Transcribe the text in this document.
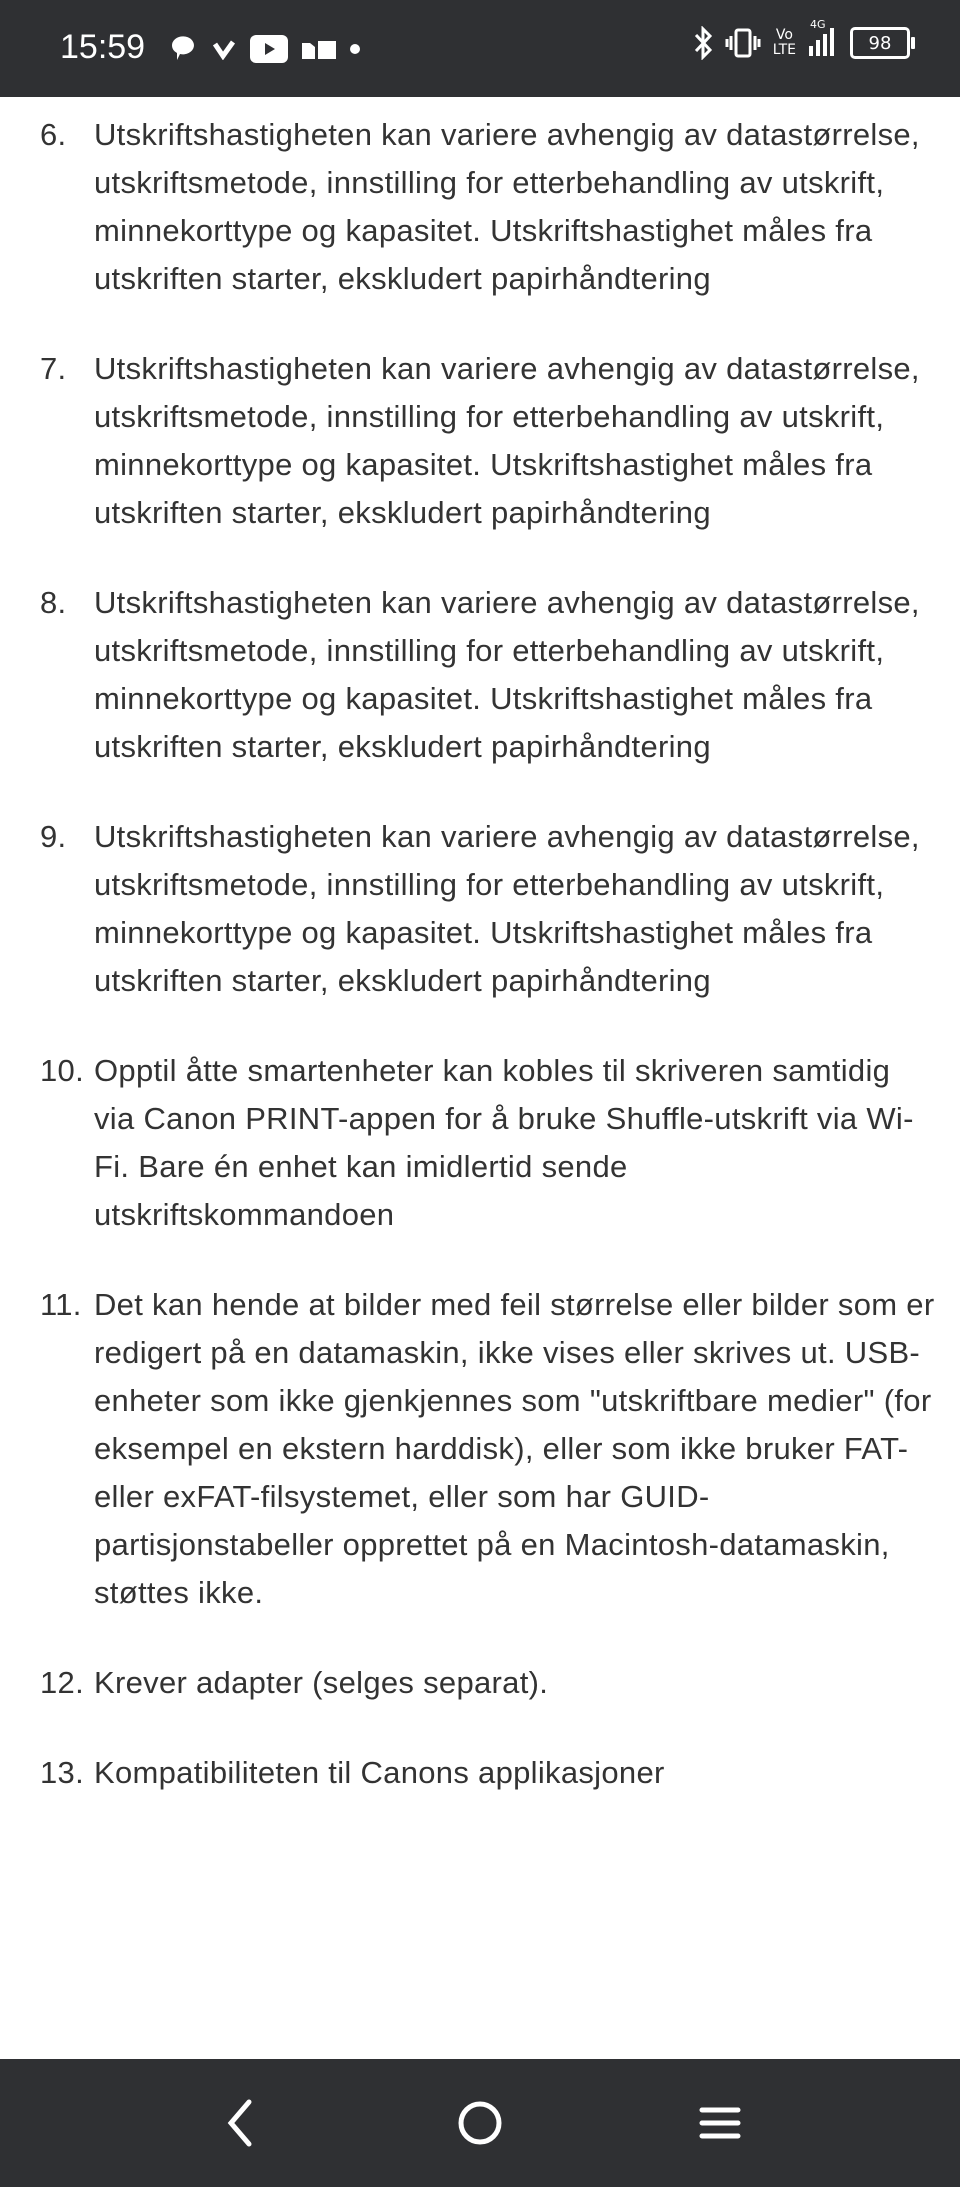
15:59	Vo
LTE
4G
98
6. Utskriftshastigheten kan variere avhengig av datastørrelse, utskriftsmetode, innstilling for etterbehandling av utskrift, minnekorttype og kapasitet. Utskriftshastighet måles fra utskriften starter, ekskludert papirhåndtering
7. Utskriftshastigheten kan variere avhengig av datastørrelse, utskriftsmetode, innstilling for etterbehandling av utskrift, minnekorttype og kapasitet. Utskriftshastighet måles fra utskriften starter, ekskludert papirhåndtering
8. Utskriftshastigheten kan variere avhengig av datastørrelse, utskriftsmetode, innstilling for etterbehandling av utskrift, minnekorttype og kapasitet. Utskriftshastighet måles fra utskriften starter, ekskludert papirhåndtering
9. Utskriftshastigheten kan variere avhengig av datastørrelse, utskriftsmetode, innstilling for etterbehandling av utskrift, minnekorttype og kapasitet. Utskriftshastighet måles fra utskriften starter, ekskludert papirhåndtering
10. Opptil åtte smartenheter kan kobles til skriveren samtidig via Canon PRINT-appen for å bruke Shuffle-utskrift via Wi-Fi. Bare én enhet kan imidlertid sende utskriftskommandoen
11. Det kan hende at bilder med feil størrelse eller bilder som er redigert på en datamaskin, ikke vises eller skrives ut. USB-enheter som ikke gjenkjennes som "utskriftbare medier" (for eksempel en ekstern harddisk), eller som ikke bruker FAT- eller exFAT-filsystemet, eller som har GUID-partisjonstabeller opprettet på en Macintosh-datamaskin, støttes ikke.
12. Krever adapter (selges separat).
13. Kompatibiliteten til Canons applikasjoner
